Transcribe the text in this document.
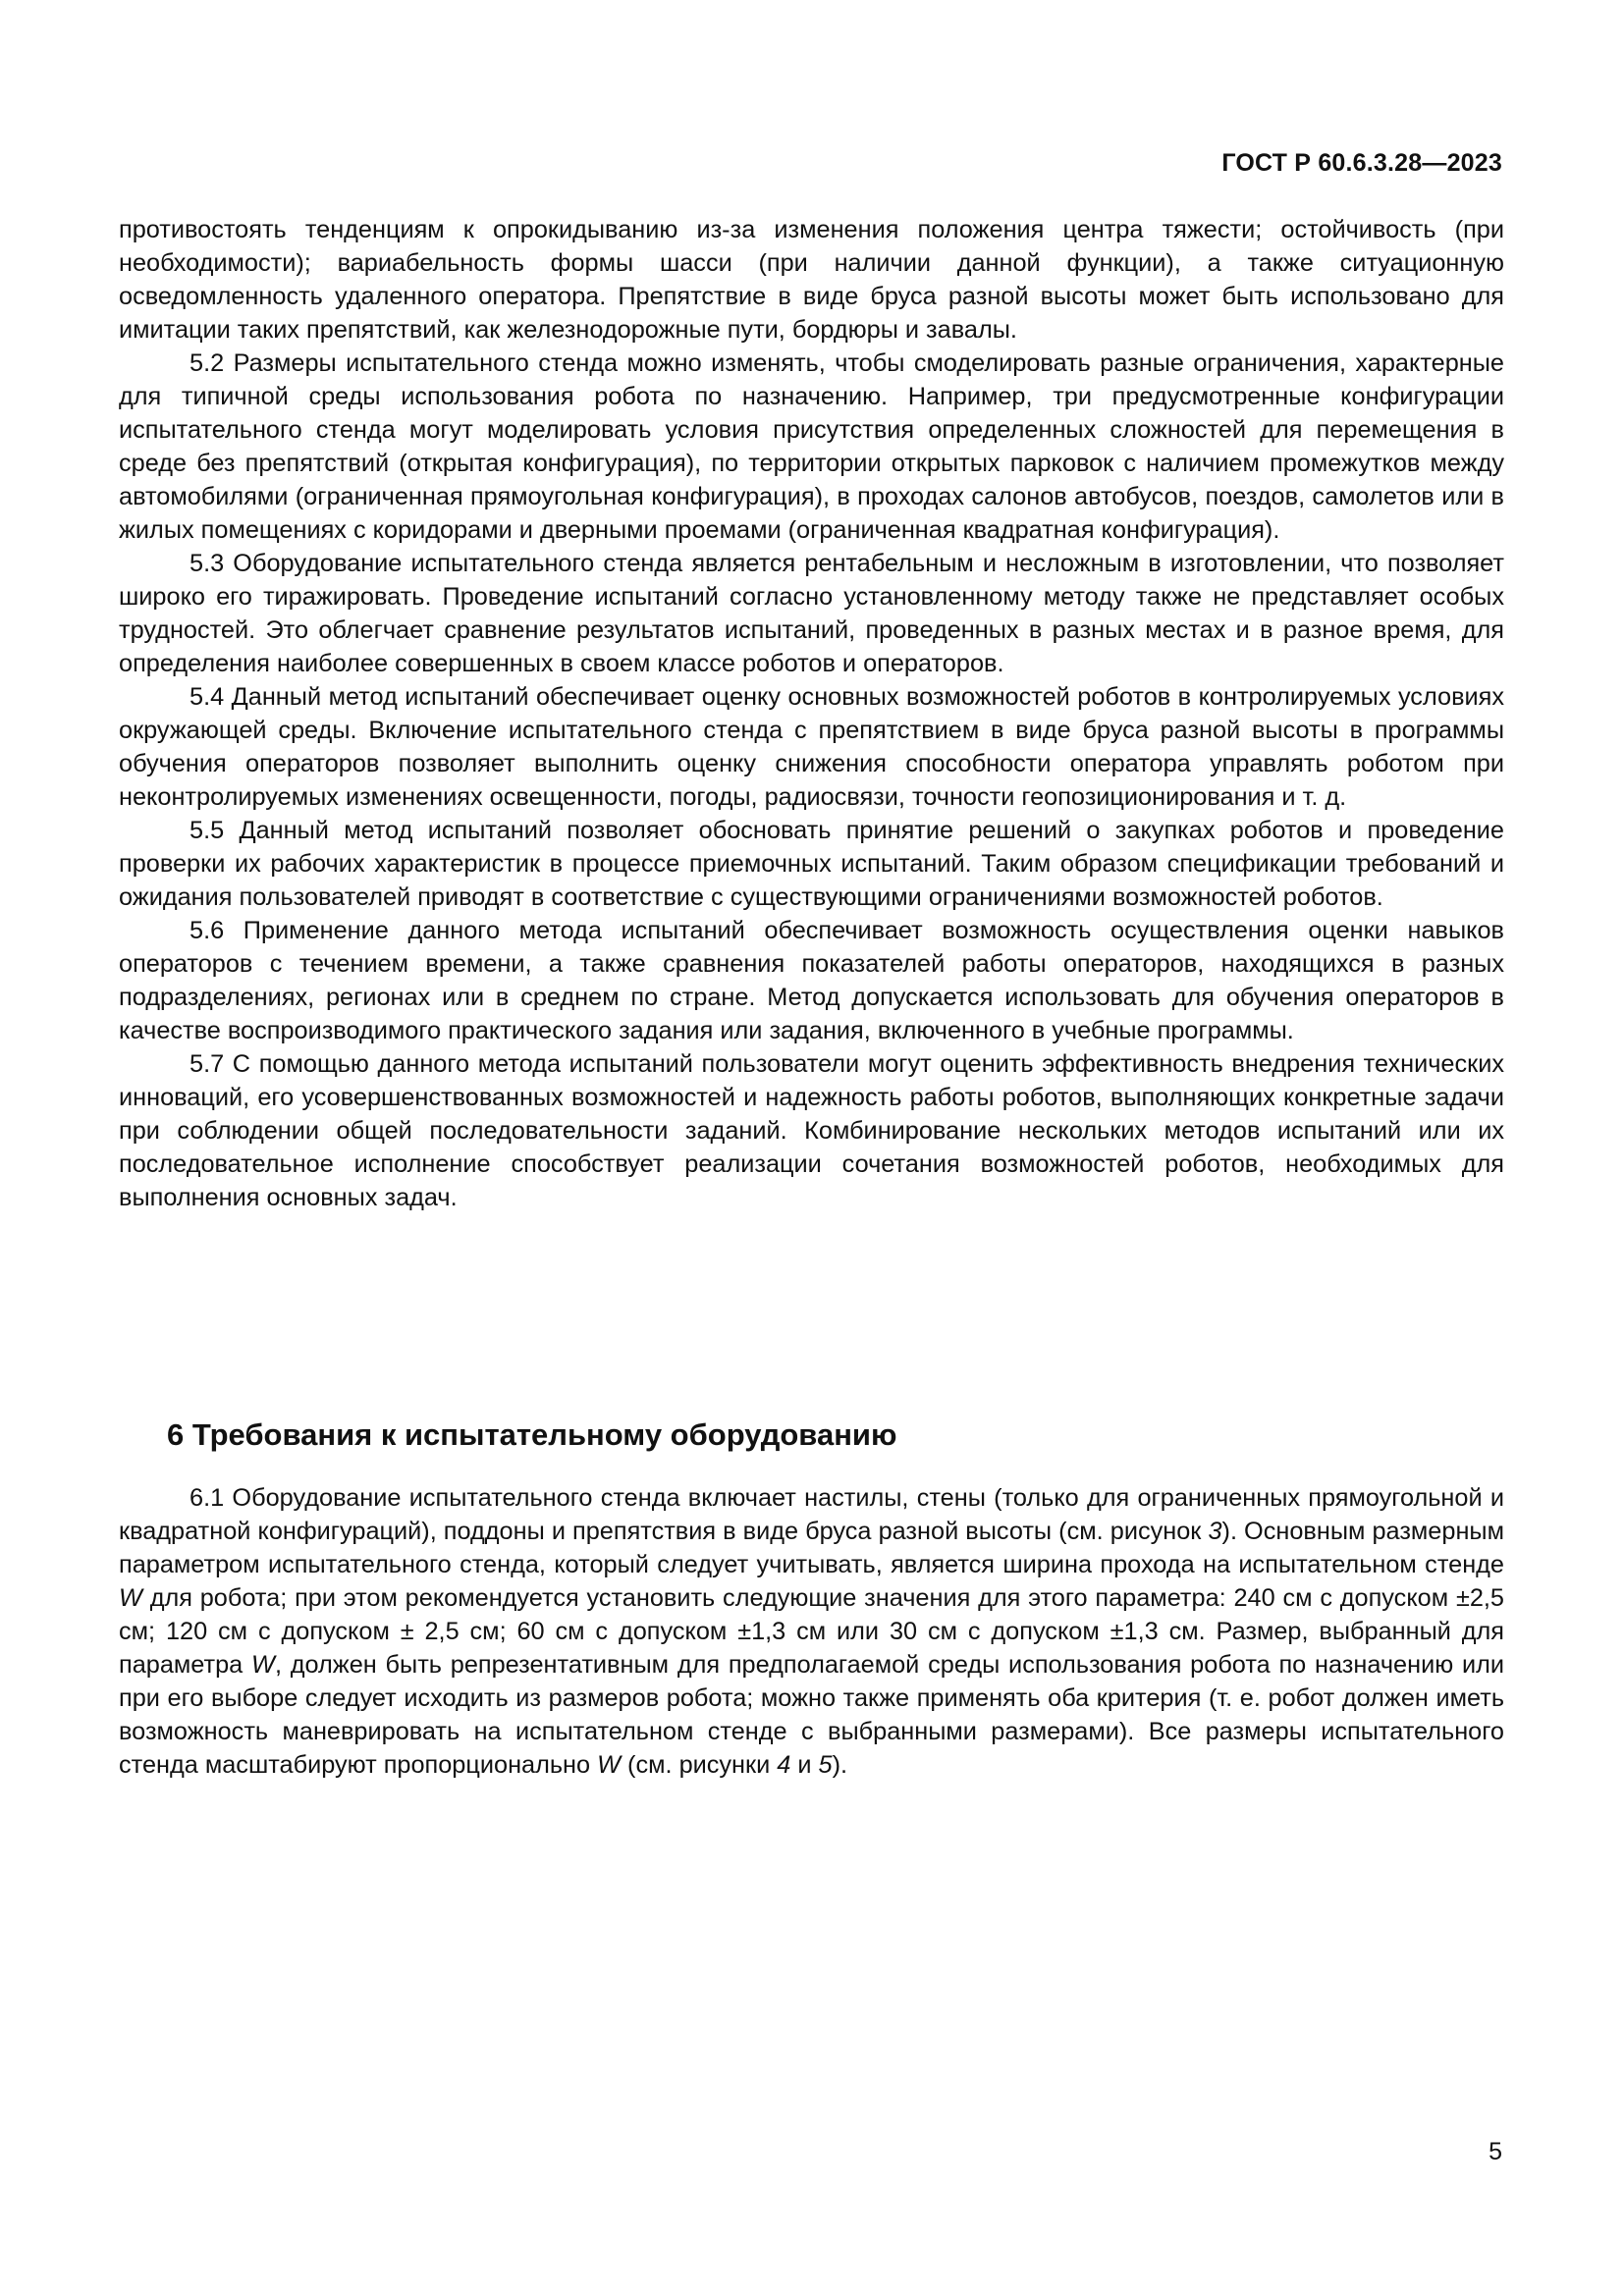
ГОСТ Р 60.6.3.28—2023

противостоять тенденциям к опрокидыванию из-за изменения положения центра тяжести; остойчивость (при необходимости); вариабельность формы шасси (при наличии данной функции), а также ситуационную осведомленность удаленного оператора. Препятствие в виде бруса разной высоты может быть использовано для имитации таких препятствий, как железнодорожные пути, бордюры и завалы.

5.2 Размеры испытательного стенда можно изменять, чтобы смоделировать разные ограничения, характерные для типичной среды использования робота по назначению. Например, три предусмотренные конфигурации испытательного стенда могут моделировать условия присутствия определенных сложностей для перемещения в среде без препятствий (открытая конфигурация), по территории открытых парковок с наличием промежутков между автомобилями (ограниченная прямоугольная конфигурация), в проходах салонов автобусов, поездов, самолетов или в жилых помещениях с коридорами и дверными проемами (ограниченная квадратная конфигурация).

5.3 Оборудование испытательного стенда является рентабельным и несложным в изготовлении, что позволяет широко его тиражировать. Проведение испытаний согласно установленному методу также не представляет особых трудностей. Это облегчает сравнение результатов испытаний, проведенных в разных местах и в разное время, для определения наиболее совершенных в своем классе роботов и операторов.

5.4 Данный метод испытаний обеспечивает оценку основных возможностей роботов в контролируемых условиях окружающей среды. Включение испытательного стенда с препятствием в виде бруса разной высоты в программы обучения операторов позволяет выполнить оценку снижения способности оператора управлять роботом при неконтролируемых изменениях освещенности, погоды, радиосвязи, точности геопозиционирования и т. д.

5.5 Данный метод испытаний позволяет обосновать принятие решений о закупках роботов и проведение проверки их рабочих характеристик в процессе приемочных испытаний. Таким образом спецификации требований и ожидания пользователей приводят в соответствие с существующими ограничениями возможностей роботов.

5.6 Применение данного метода испытаний обеспечивает возможность осуществления оценки навыков операторов с течением времени, а также сравнения показателей работы операторов, находящихся в разных подразделениях, регионах или в среднем по стране. Метод допускается использовать для обучения операторов в качестве воспроизводимого практического задания или задания, включенного в учебные программы.

5.7 С помощью данного метода испытаний пользователи могут оценить эффективность внедрения технических инноваций, его усовершенствованных возможностей и надежность работы роботов, выполняющих конкретные задачи при соблюдении общей последовательности заданий. Комбинирование нескольких методов испытаний или их последовательное исполнение способствует реализации сочетания возможностей роботов, необходимых для выполнения основных задач.

6 Требования к испытательному оборудованию

6.1 Оборудование испытательного стенда включает настилы, стены (только для ограниченных прямоугольной и квадратной конфигураций), поддоны и препятствия в виде бруса разной высоты (см. рисунок 3). Основным размерным параметром испытательного стенда, который следует учитывать, является ширина прохода на испытательном стенде W для робота; при этом рекомендуется установить следующие значения для этого параметра: 240 см с допуском ±2,5 см; 120 см с допуском ± 2,5 см; 60 см с допуском ±1,3 см или 30 см с допуском ±1,3 см. Размер, выбранный для параметра W, должен быть репрезентативным для предполагаемой среды использования робота по назначению или при его выборе следует исходить из размеров робота; можно также применять оба критерия (т. е. робот должен иметь возможность маневрировать на испытательном стенде с выбранными размерами). Все размеры испытательного стенда масштабируют пропорционально W (см. рисунки 4 и 5).

5
